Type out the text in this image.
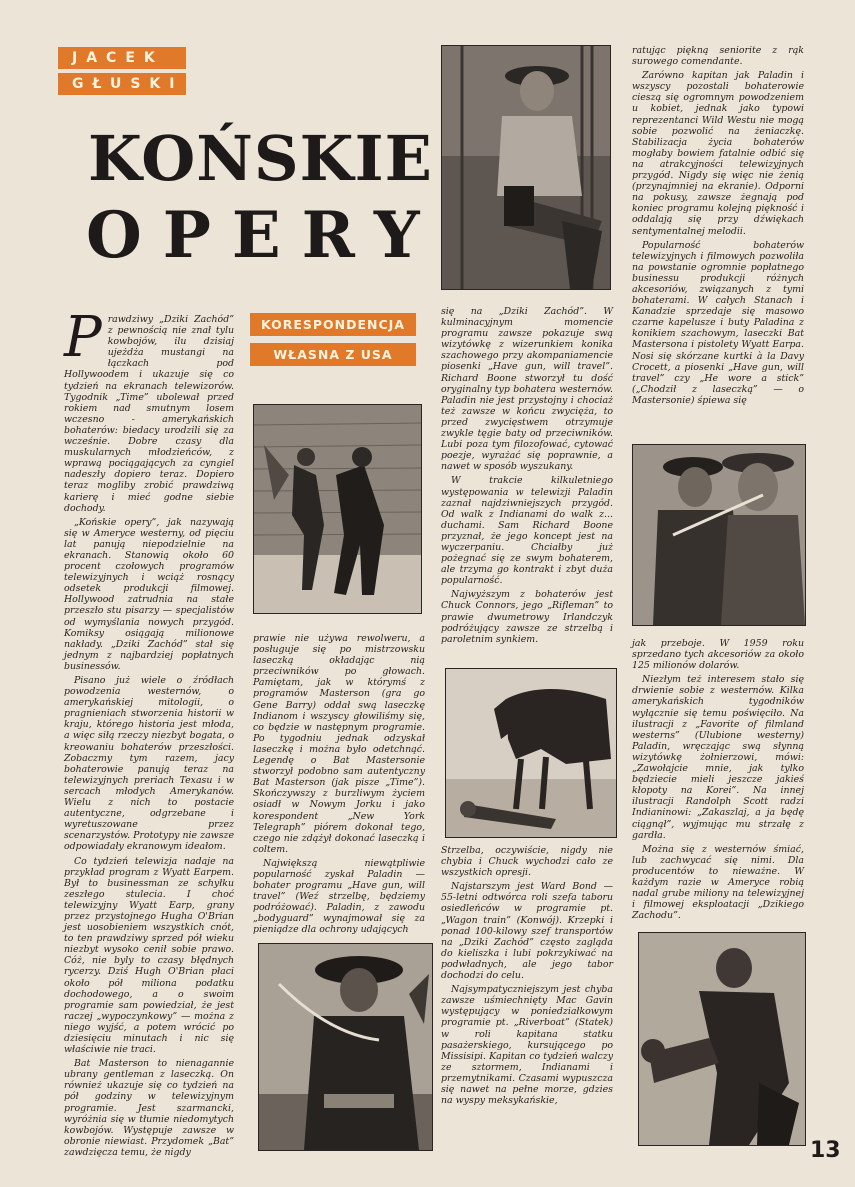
JACEK
GŁUSKI
KOŃSKIE
OPERY

Prawdziwy „Dziki Zachód” z pewnością nie znał tylu kowbojów, ilu dzisiaj ujeżdża mustangi na łączkach pod Hollywoodem i ukazuje się co tydzień na ekranach telewizorów. Tygodnik „Time” ubolewał przed rokiem nad smutnym losem wczesno - amerykańskich bohaterów: biedacy urodzili się za wcześnie. Dobre czasy dla muskularnych młodzieńców, z wprawą pociągających za cyngiel nadeszły dopiero teraz. Dopiero teraz mogliby zrobić prawdziwą karierę i mieć godne siebie dochody.

„Końskie opery”, jak nazywają się w Ameryce westerny, od pięciu lat panują niepodzielnie na ekranach. Stanowią około 60 procent czołowych programów telewizyjnych i wciąż rosnący odsetek produkcji filmowej. Hollywood zatrudnia na stałe przeszło stu pisarzy — specjalistów od wymyślania nowych przygód. Komiksy osiągają milionowe nakłady. „Dziki Zachód” stał się jednym z najbardziej popłatnych businessów.

Pisano już wiele o źródłach powodzenia westernów, o amerykańskiej mitologii, o pragnieniach stworzenia historii w kraju, którego historia jest młoda, a więc siłą rzeczy niezbyt bogata, o kreowaniu bohaterów przeszłości. Zobaczmy tym razem, jacy bohaterowie panują teraz na telewizyjnych preriach Texasu i w sercach młodych Amerykanów. Wielu z nich to postacie autentyczne, odgrzebane i wyretuszowane przez scenarzystów. Prototypy nie zawsze odpowiadały ekranowym ideałom.

Co tydzień telewizja nadaje na przykład program z Wyatt Earpem. Był to businessman ze schyłku zeszłego stulecia. I choć telewizyjny Wyatt Earp, grany przez przystojnego Hugha O'Brian jest uosobieniem wszystkich cnót, to ten prawdziwy sprzed pół wieku niezbyt wysoko cenił sobie prawo. Cóż, nie byly to czasy błędnych rycerzy. Dziś Hugh O'Brian płaci około pół miliona podatku dochodowego, a o swoim programie sam powiedział, że jest raczej „wypoczynkowy” — można z niego wyjść, a potem wrócić po dziesięciu minutach i nic się właściwie nie traci.

Bat Masterson to nienagannie ubrany gentleman z laseczką. On również ukazuje się co tydzień na pół godziny w telewizyjnym programie. Jest szarmancki, wyróżnia się w tłumie niedomytych kowbojów. Występuje zawsze w obronie niewiast. Przydomek „Bat” zawdzięcza temu, że nigdy

KORESPONDENCJA
WŁASNA Z USA

prawie nie używa rewolweru, a posługuje się po mistrzowsku laseczką okładając nią przeciwników po głowach. Pamiętam, jak w którymś z programów Masterson (gra go Gene Barry) oddał swą laseczkę Indianom i wszyscy głowiliśmy się, co będzie w następnym programie. Po tygodniu jednak odzyskał laseczkę i można było odetchnąć. Legendę o Bat Mastersonie stworzył podobno sam autentyczny Bat Masterson (jak pisze „Time”). Skończywszy z burzliwym życiem osiadł w Nowym Jorku i jako korespondent „New York Telegraph” piórem dokonał tego, czego nie zdążył dokonać laseczką i coltem.

Największą niewątpliwie popularność zyskał Paladin — bohater programu „Have gun, will travel” (Weź strzelbę, będziemy podróżować). Paladin, z zawodu „bodyguard” wynajmował się za pieniądze dla ochrony udających

się na „Dziki Zachód”. W kulminacyjnym momencie programu zawsze pokazuje swą wizytówkę z wizerunkiem konika szachowego przy akompaniamencie piosenki „Have gun, will travel”. Richard Boone stworzył tu dość oryginalny typ bohatera westernów. Paladin nie jest przystojny i chociaż też zawsze w końcu zwycięża, to przed zwycięstwem otrzymuje zwykle tęgie baty od przeciwników. Lubi poza tym filozofować, cytować poezje, wyrażać się poprawnie, a nawet w sposób wyszukany.

W trakcie kilkuletniego występowania w telewizji Paladin zaznał najdziwniejszych przygód. Od walk z Indianami do walk z... duchami. Sam Richard Boone przyznał, że jego koncept jest na wyczerpaniu. Chciałby już pożegnać się ze swym bohaterem, ale trzyma go kontrakt i zbyt duża popularność.

Najwyższym z bohaterów jest Chuck Connors, jego „Rifleman” to prawie dwumetrowy Irlandczyk podróżujący zawsze ze strzelbą i paroletnim synkiem.

Strzelba, oczywiście, nigdy nie chybia i Chuck wychodzi cało ze wszystkich opresji.

Najstarszym jest Ward Bond — 55-letni odtwórca roli szefa taboru osiedleńców w programie pt. „Wagon train” (Konwój). Krzepki i ponad 100-kilowy szef transportów na „Dziki Zachód” często zagląda do kieliszka i lubi pokrzykiwać na podwładnych, ale jego tabor dochodzi do celu.

Najsympatyczniejszym jest chyba zawsze uśmiechnięty Mac Gavin występujący w poniedziałkowym programie pt. „Riverboat” (Statek) w roli kapitana statku pasażerskiego, kursującego po Missisipi. Kapitan co tydzień walczy ze sztormem, Indianami i przemytnikami. Czasami wypuszcza się nawet na pełne morze, gdzies na wyspy meksykańskie,

ratując piękną seniorite z rąk surowego comendante.

Zarówno kapitan jak Paladin i wszyscy pozostali bohaterowie cieszą się ogromnym powodzeniem u kobiet, jednak jako typowi reprezentanci Wild Westu nie mogą sobie pozwolić na żeniaczkę. Stabilizacja życia bohaterów mogłaby bowiem fatalnie odbić się na atrakcyjności telewizyjnych przygód. Nigdy się więc nie żenią (przynajmniej na ekranie). Odporni na pokusy, zawsze żegnają pod koniec programu kolejną piękność i oddalają się przy dźwiękach sentymentalnej melodii.

Popularność bohaterów telewizyjnych i filmowych pozwoliła na powstanie ogromnie popłatnego businessu produkcji różnych akcesoriów, związanych z tymi bohaterami. W całych Stanach i Kanadzie sprzedaje się masowo czarne kapelusze i buty Paladina z konikiem szachowym, laseczki Bat Mastersona i pistolety Wyatt Earpa. Nosi się skórzane kurtki à la Davy Crocett, a piosenki „Have gun, will travel” czy „He wore a stick” („Chodził z laseczką” — o Mastersonie) śpiewa się

jak przeboje. W 1959 roku sprzedano tych akcesoriów za około 125 milionów dolarów.

Niezłym też interesem stało się drwienie sobie z westernów. Kilka amerykańskich tygodników wyłącznie się temu poświęciło. Na ilustracji z „Favorite of filmland westerns” (Ulubione westerny) Paladin, wręczając swą słynną wizytówkę żołnierzowi, mówi: „Zawołajcie mnie, jak tylko będziecie mieli jeszcze jakieś kłopoty na Korei”. Na innej ilustracji Randolph Scott radzi Indianinowi: „Zakaszlaj, a ja będę ciągnął”, wyjmując mu strzałę z gardła.

Można się z westernów śmiać, lub zachwycać się nimi. Dla producentów to nieważne. W każdym razie w Ameryce robią nadal grube miliony na telewizyjnej i filmowej eksploatacji „Dzikiego Zachodu”.

13
